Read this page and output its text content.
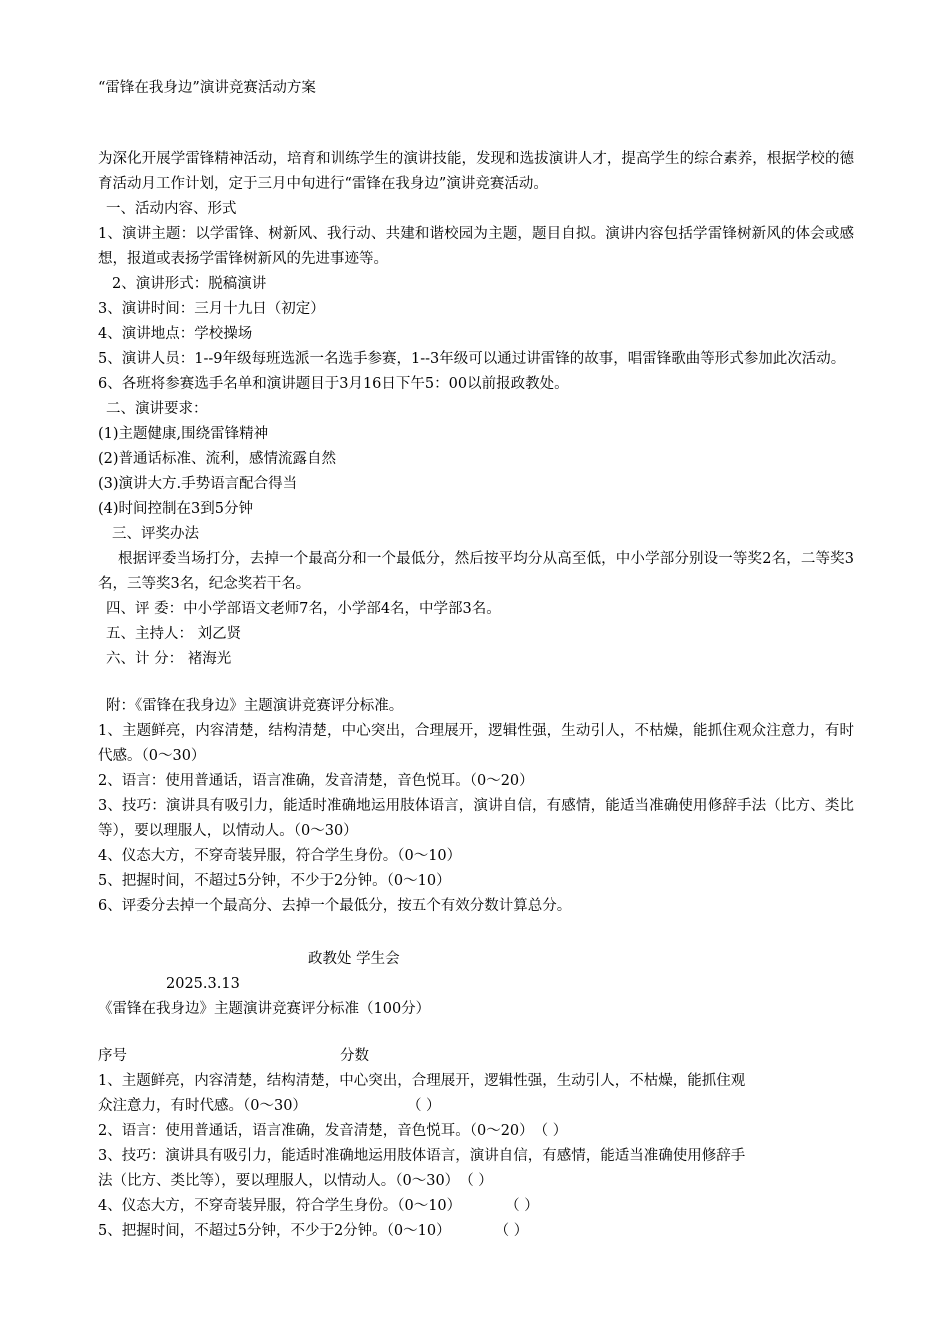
“雷锋在我身边”演讲竞赛活动方案
为深化开展学雷锋精神活动，培育和训练学生的演讲技能，发现和选拔演讲人才，提高学生的综合素养，根据学校的德育活动月工作计划，定于三月中旬进行“雷锋在我身边”演讲竞赛活动。
一、活动内容、形式
1、演讲主题：以学雷锋、树新风、我行动、共建和谐校园为主题，题目自拟。演讲内容包括学雷锋树新风的体会或感想，报道或表扬学雷锋树新风的先进事迹等。
2、演讲形式：脱稿演讲
3、演讲时间：三月十九日（初定）
4、演讲地点：学校操场
5、演讲人员：1--9年级每班选派一名选手参赛，1--3年级可以通过讲雷锋的故事，唱雷锋歌曲等形式参加此次活动。
6、各班将参赛选手名单和演讲题目于3月16日下午5：00以前报政教处。
二、演讲要求：
(1)主题健康,围绕雷锋精神
(2)普通话标准、流利，感情流露自然
(3)演讲大方.手势语言配合得当
(4)时间控制在3到5分钟
三、评奖办法
根据评委当场打分，去掉一个最高分和一个最低分，然后按平均分从高至低，中小学部分别设一等奖2名，二等奖3名，三等奖3名，纪念奖若干名。
四、评 委：中小学部语文老师7名，小学部4名，中学部3名。
五、主持人： 刘乙贤
六、计 分： 褚海光
附：《雷锋在我身边》主题演讲竞赛评分标准。
1、主题鲜亮，内容清楚，结构清楚，中心突出，合理展开，逻辑性强，生动引人，不枯燥，能抓住观众注意力，有时代感。（0～30）
2、语言：使用普通话，语言准确，发音清楚，音色悦耳。（0～20）
3、技巧：演讲具有吸引力，能适时准确地运用肢体语言，演讲自信，有感情，能适当准确使用修辞手法（比方、类比等），要以理服人，以情动人。（0～30）
4、仪态大方，不穿奇装异服，符合学生身份。（0～10）
5、把握时间，不超过5分钟，不少于2分钟。（0～10）
6、评委分去掉一个最高分、去掉一个最低分，按五个有效分数计算总分。
政教处 学生会
2025.3.13
《雷锋在我身边》主题演讲竞赛评分标准（100分）
序号	分数
1、主题鲜亮，内容清楚，结构清楚，中心突出，合理展开，逻辑性强，生动引人，不枯燥，能抓住观
众注意力，有时代感。（0～30）	（ ）
2、语言：使用普通话，语言准确，发音清楚，音色悦耳。（0～20）（ ）
3、技巧：演讲具有吸引力，能适时准确地运用肢体语言，演讲自信，有感情，能适当准确使用修辞手
法（比方、类比等），要以理服人，以情动人。（0～30）（ ）
4、仪态大方，不穿奇装异服，符合学生身份。（0～10）	（ ）
5、把握时间，不超过5分钟，不少于2分钟。（0～10）	（ ）
